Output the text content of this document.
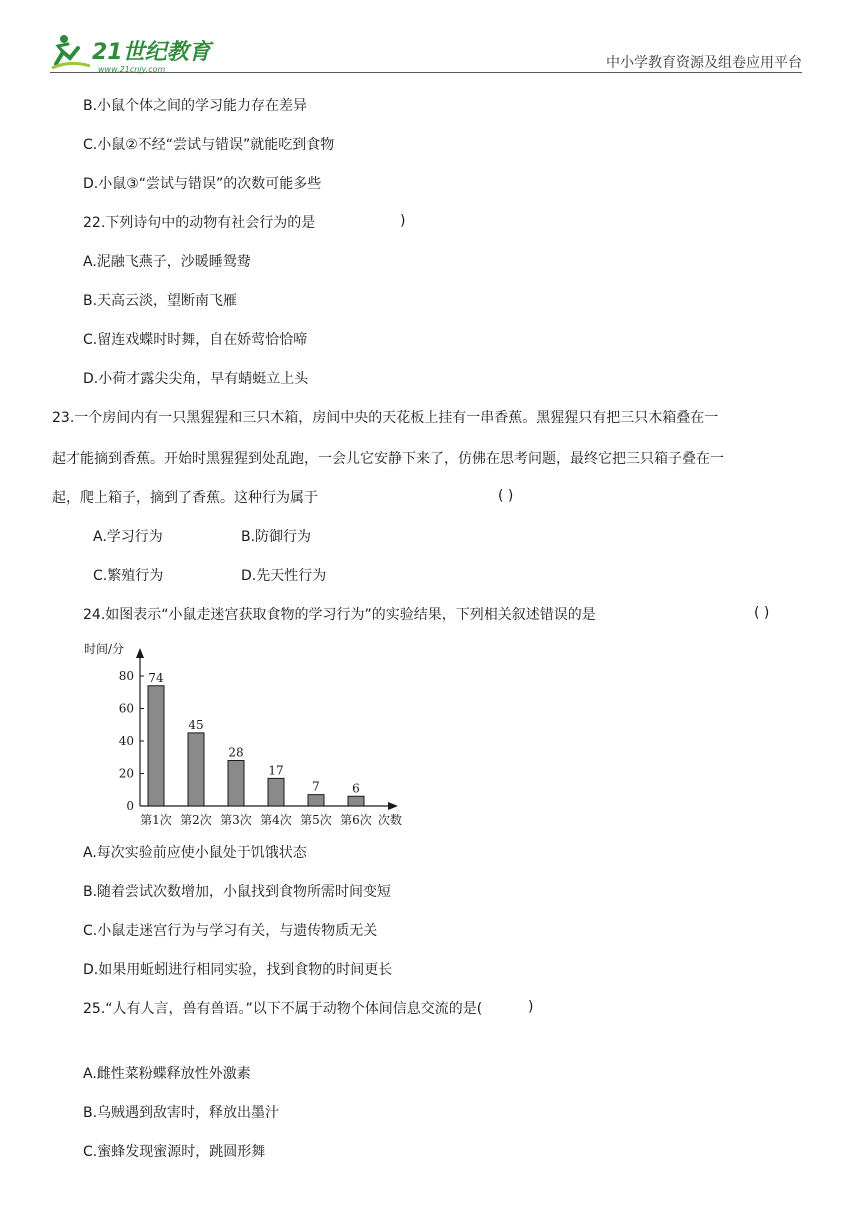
21世纪教育
www.21cnjy.com	中小学教育资源及组卷应用平台
B.小鼠个体之间的学习能力存在差异
C.小鼠②不经“尝试与错误”就能吃到食物
D.小鼠③“尝试与错误”的次数可能多些
22.下列诗句中的动物有社会行为的是	)
A.泥融飞燕子，沙暖睡鸳鸯
B.天高云淡，望断南飞雁
C.留连戏蝶时时舞，自在娇莺恰恰啼
D.小荷才露尖尖角，早有蜻蜓立上头
23.一个房间内有一只黑猩猩和三只木箱，房间中央的天花板上挂有一串香蕉。黑猩猩只有把三只木箱叠在一
起才能摘到香蕉。开始时黑猩猩到处乱跑，一会儿它安静下来了，仿佛在思考问题，最终它把三只箱子叠在一
起，爬上箱子，摘到了香蕉。这种行为属于	( )
A.学习行为	B.防御行为
C.繁殖行为	D.先天性行为
24.如图表示“小鼠走迷宫获取食物的学习行为”的实验结果，下列相关叙述错误的是	( )
时间/分
0
20
40
60
80 74
45
28
17
7	6
第1次 第2次 第3次 第4次 第5次 第6次 次数
A.每次实验前应使小鼠处于饥饿状态
B.随着尝试次数增加，小鼠找到食物所需时间变短
C.小鼠走迷宫行为与学习有关，与遗传物质无关
D.如果用蚯蚓进行相同实验，找到食物的时间更长
25.“人有人言，兽有兽语。”以下不属于动物个体间信息交流的是(	)
A.雌性菜粉蝶释放性外激素
B.乌贼遇到敌害时，释放出墨汁
C.蜜蜂发现蜜源时，跳圆形舞
